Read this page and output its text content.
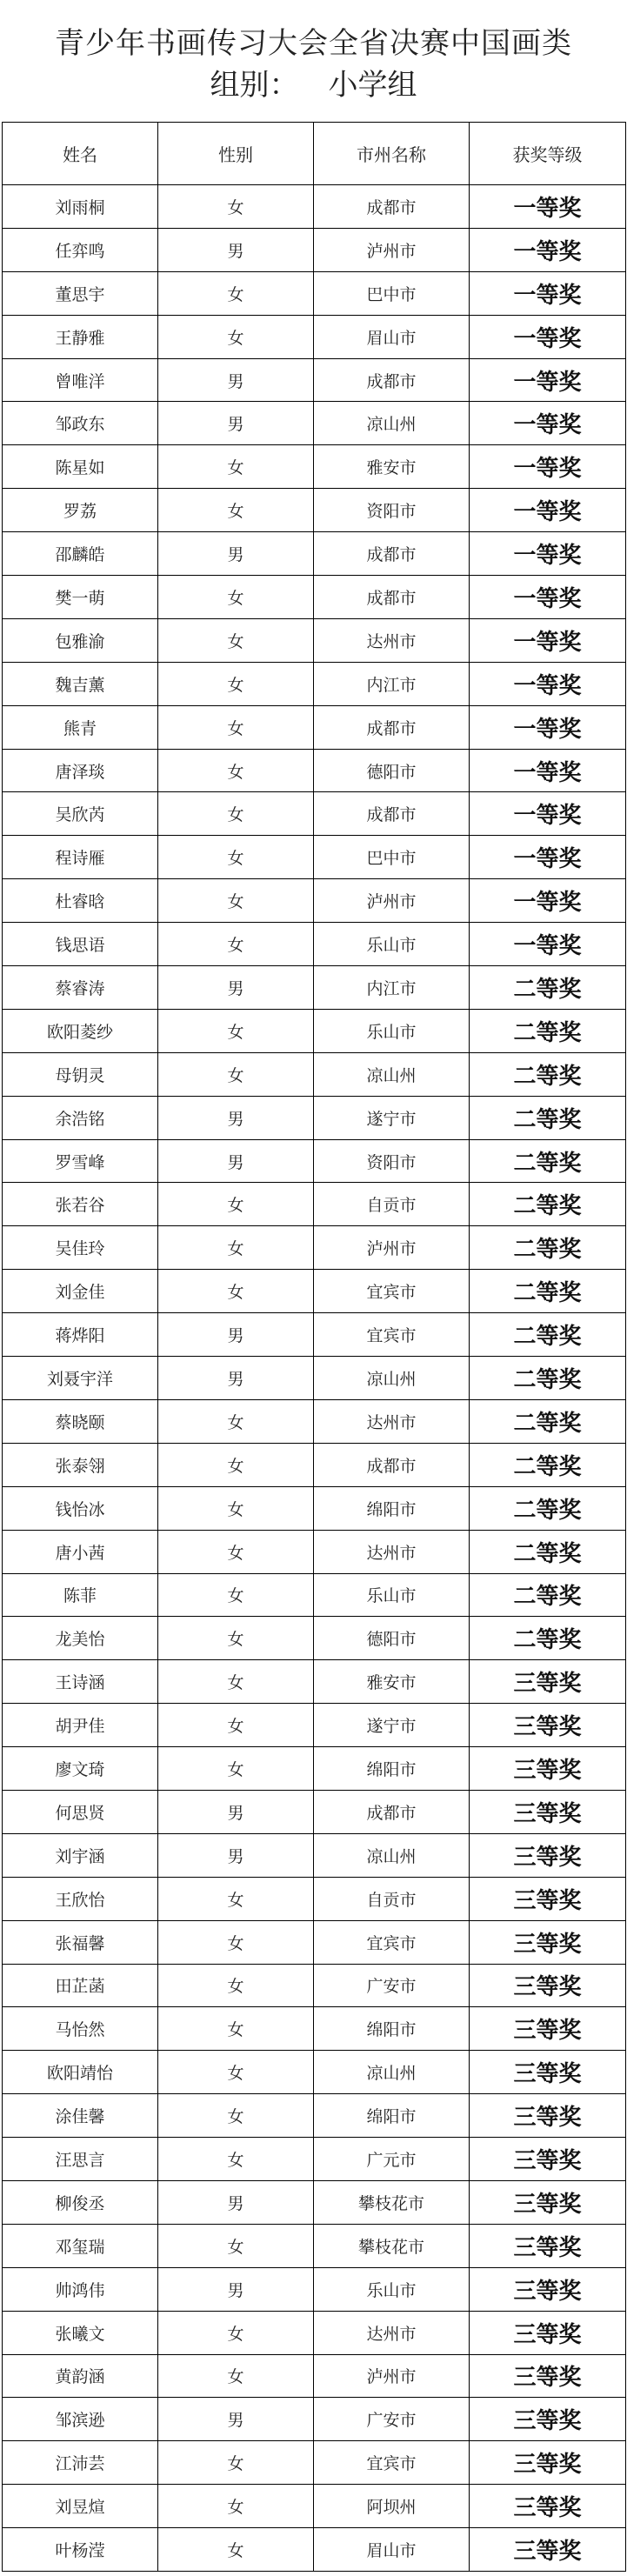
青少年书画传习大会全省决赛中国画类
组别： 小学组
姓名	性别	市州名称	获奖等级
刘雨桐	女	成都市	一等奖
任弈鸣	男	泸州市	一等奖
董思宇	女	巴中市	一等奖
王静雅	女	眉山市	一等奖
曾唯洋	男	成都市	一等奖
邹政东	男	凉山州	一等奖
陈星如	女	雅安市	一等奖
罗荔	女	资阳市	一等奖
邵麟皓	男	成都市	一等奖
樊一萌	女	成都市	一等奖
包雅渝	女	达州市	一等奖
魏吉薰	女	内江市	一等奖
熊青	女	成都市	一等奖
唐泽琰	女	德阳市	一等奖
吴欣芮	女	成都市	一等奖
程诗雁	女	巴中市	一等奖
杜睿晗	女	泸州市	一等奖
钱思语	女	乐山市	一等奖
蔡睿涛	男	内江市	二等奖
欧阳菱纱	女	乐山市	二等奖
母钥灵	女	凉山州	二等奖
余浩铭	男	遂宁市	二等奖
罗雪峰	男	资阳市	二等奖
张若谷	女	自贡市	二等奖
吴佳玲	女	泸州市	二等奖
刘金佳	女	宜宾市	二等奖
蒋烨阳	男	宜宾市	二等奖
刘聂宇洋	男	凉山州	二等奖
蔡晓颐	女	达州市	二等奖
张泰翎	女	成都市	二等奖
钱怡冰	女	绵阳市	二等奖
唐小茜	女	达州市	二等奖
陈菲	女	乐山市	二等奖
龙美怡	女	德阳市	二等奖
王诗涵	女	雅安市	三等奖
胡尹佳	女	遂宁市	三等奖
廖文琦	女	绵阳市	三等奖
何思贤	男	成都市	三等奖
刘宇涵	男	凉山州	三等奖
王欣怡	女	自贡市	三等奖
张福馨	女	宜宾市	三等奖
田芷菡	女	广安市	三等奖
马怡然	女	绵阳市	三等奖
欧阳靖怡	女	凉山州	三等奖
涂佳馨	女	绵阳市	三等奖
汪思言	女	广元市	三等奖
柳俊丞	男	攀枝花市	三等奖
邓玺瑞	女	攀枝花市	三等奖
帅鸿伟	男	乐山市	三等奖
张曦文	女	达州市	三等奖
黄韵涵	女	泸州市	三等奖
邹滨逊	男	广安市	三等奖
江沛芸	女	宜宾市	三等奖
刘昱煊	女	阿坝州	三等奖
叶杨滢	女	眉山市	三等奖
